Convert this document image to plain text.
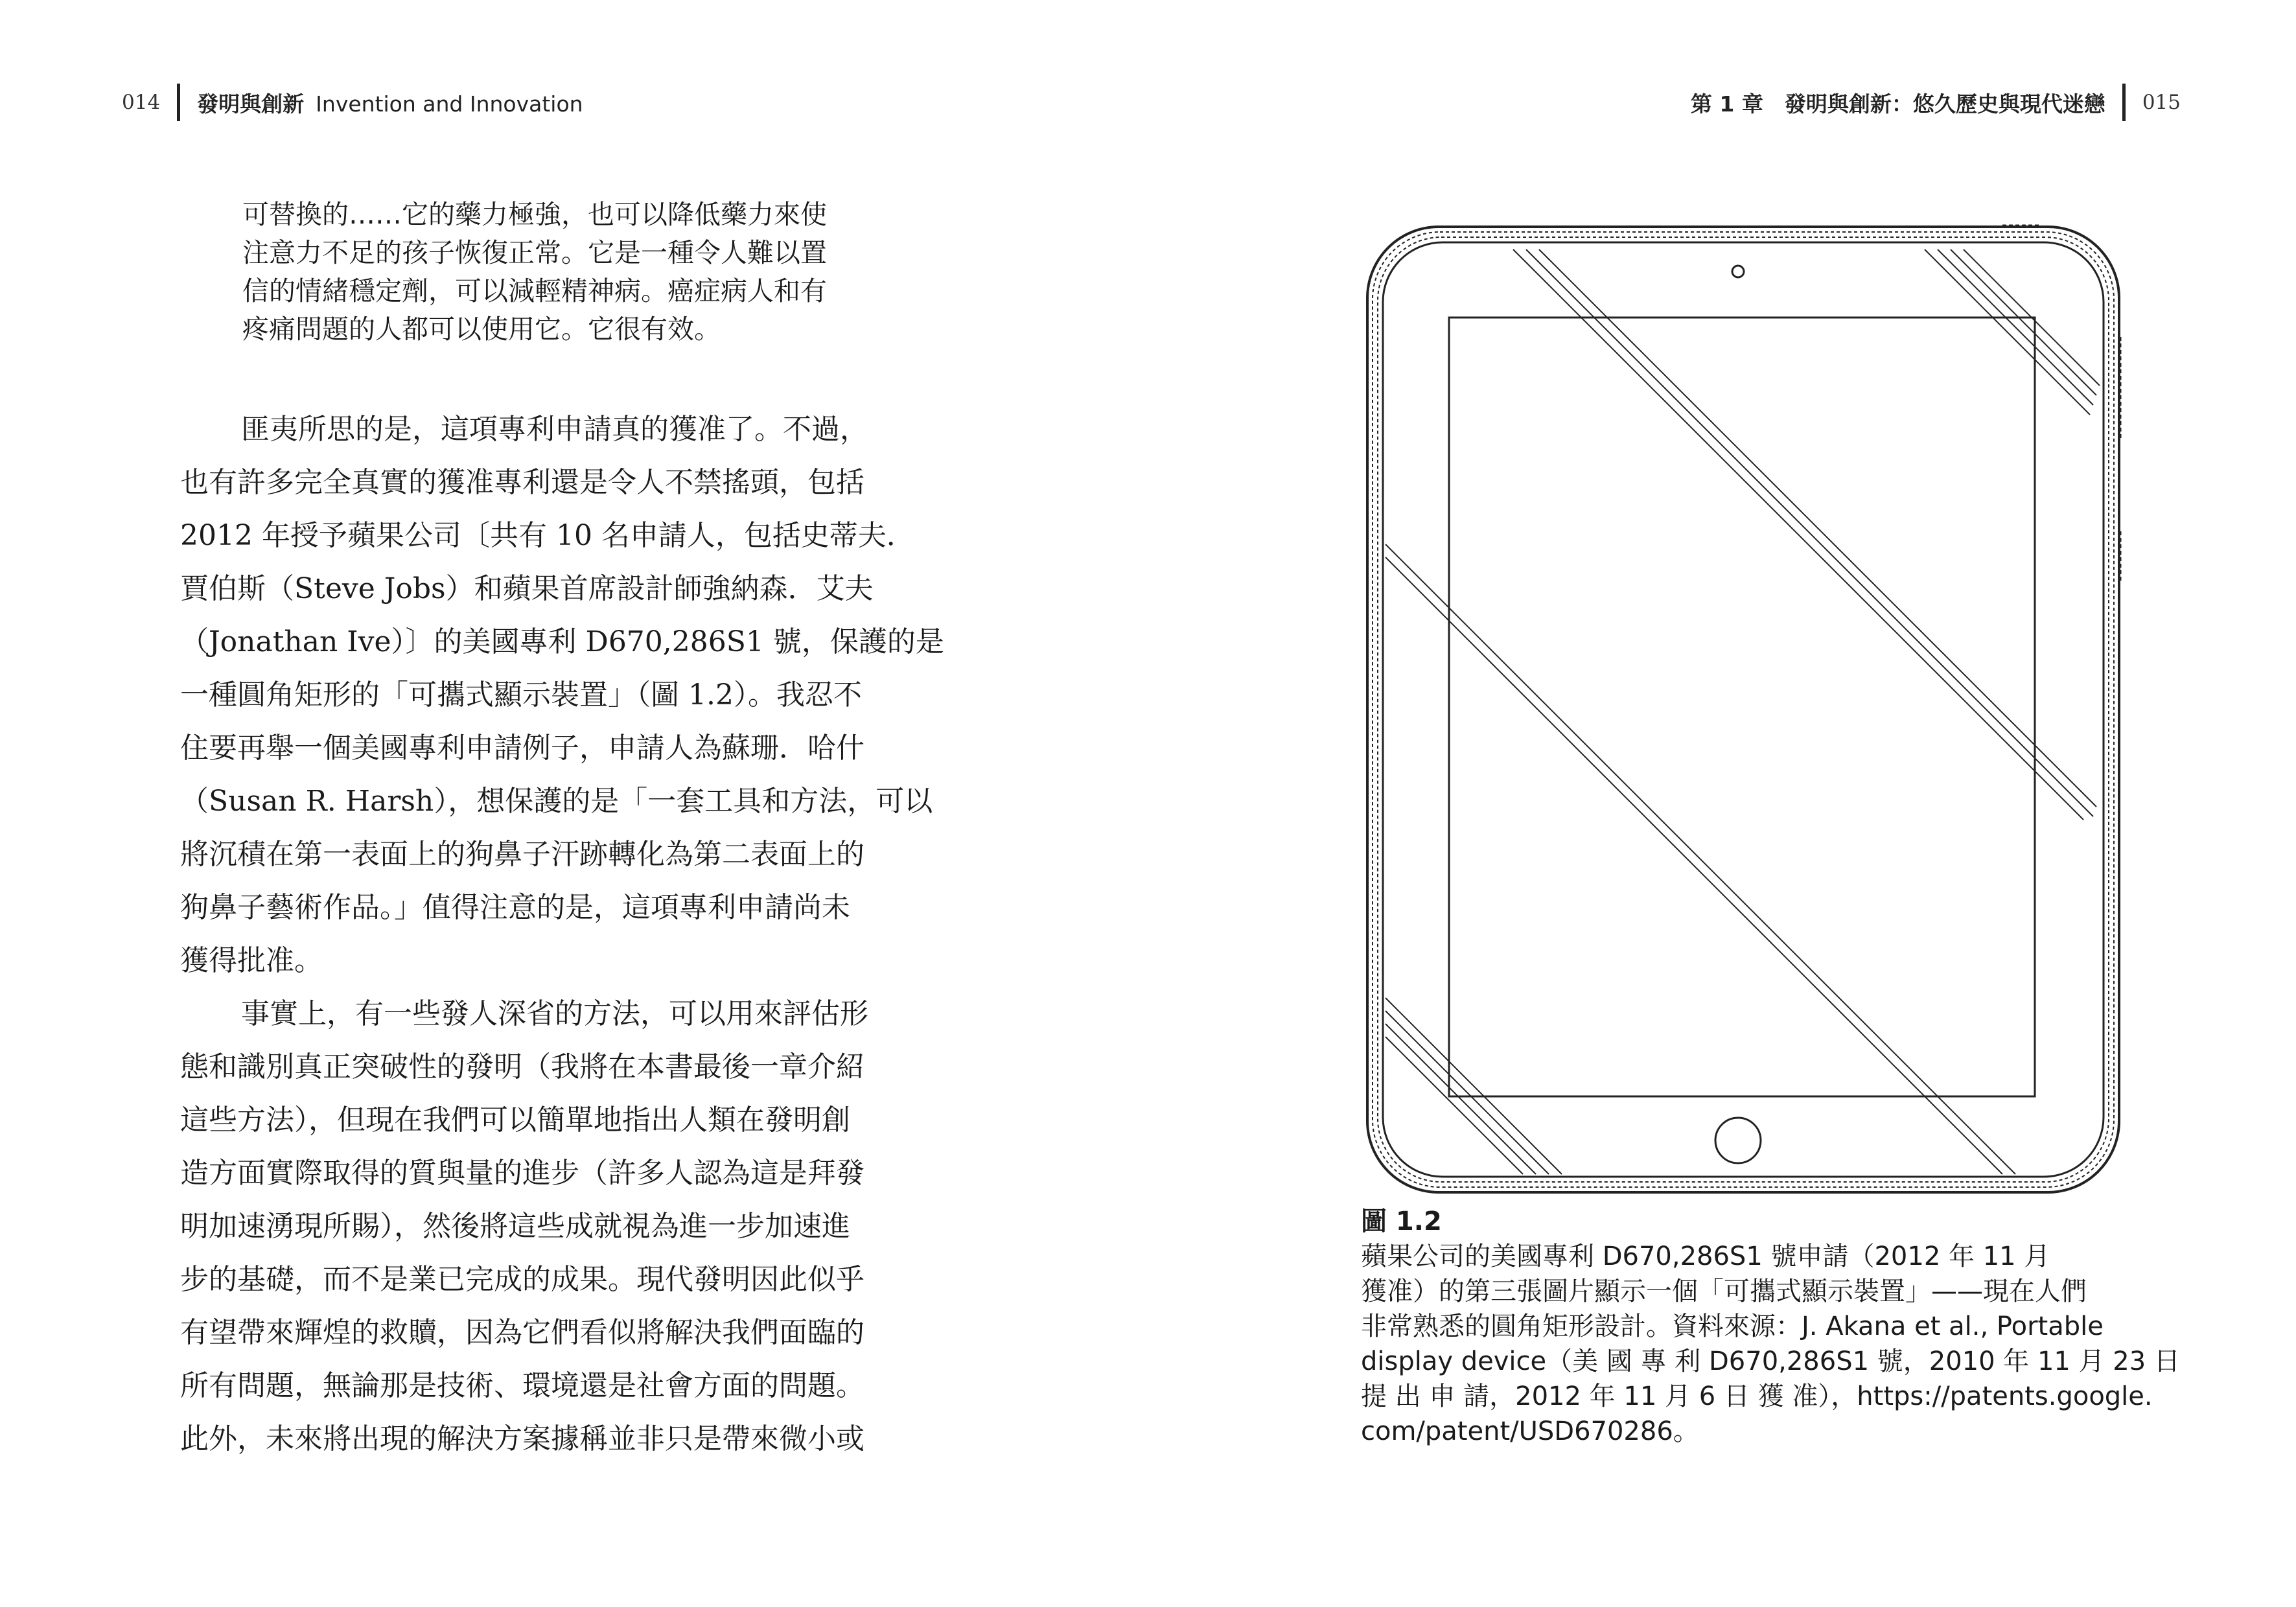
014 發明與創新 Invention and Innovation	第 1 章　發明與創新：悠久歷史與現代迷戀 015
可替換的……它的藥力極強，也可以降低藥力來使
注意力不足的孩子恢復正常。它是一種令人難以置
信的情緒穩定劑，可以減輕精神病。癌症病人和有
疼痛問題的人都可以使用它。它很有效。
匪夷所思的是，這項專利申請真的獲准了。不過，
也有許多完全真實的獲准專利還是令人不禁搖頭，包括
2012 年授予蘋果公司〔共有 10 名申請人，包括史蒂夫．
賈伯斯（Steve Jobs）和蘋果首席設計師強納森．艾夫
（Jonathan Ive）〕的美國專利 D670,286S1 號，保護的是
一種圓角矩形的「可攜式顯示裝置」（圖 1.2）。我忍不
住要再舉一個美國專利申請例子，申請人為蘇珊．哈什
（Susan R. Harsh），想保護的是「一套工具和方法，可以
將沉積在第一表面上的狗鼻子汗跡轉化為第二表面上的
狗鼻子藝術作品。」值得注意的是，這項專利申請尚未
獲得批准。
事實上，有一些發人深省的方法，可以用來評估形
態和識別真正突破性的發明（我將在本書最後一章介紹
這些方法），但現在我們可以簡單地指出人類在發明創
造方面實際取得的質與量的進步（許多人認為這是拜發
明加速湧現所賜），然後將這些成就視為進一步加速進
步的基礎，而不是業已完成的成果。現代發明因此似乎
有望帶來輝煌的救贖，因為它們看似將解決我們面臨的
所有問題，無論那是技術、環境還是社會方面的問題。
此外，未來將出現的解決方案據稱並非只是帶來微小或
圖 1.2
蘋果公司的美國專利 D670,286S1 號申請（2012 年 11 月
獲准）的第三張圖片顯示一個「可攜式顯示裝置」——現在人們
非常熟悉的圓角矩形設計。資料來源：J. Akana et al., Portable
display device（美 國 專 利 D670,286S1 號，2010 年 11 月 23 日
提 出 申 請，2012 年 11 月 6 日 獲 准），https://patents.google.
com/patent/USD670286。
